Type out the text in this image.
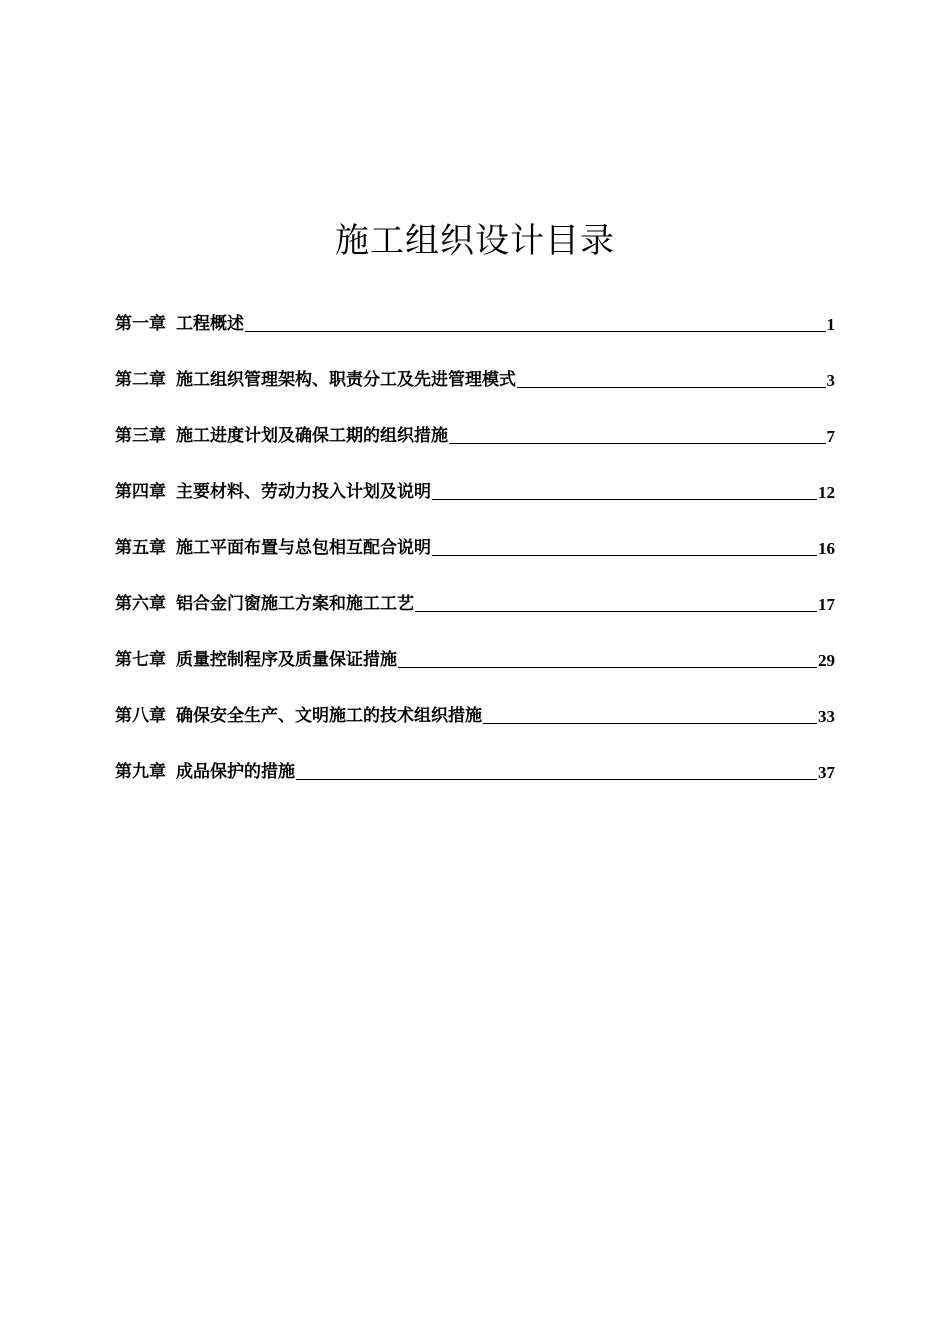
施工组织设计目录
第一章 工程概述	1
第二章 施工组织管理架构、职责分工及先进管理模式	3
第三章 施工进度计划及确保工期的组织措施	7
第四章 主要材料、劳动力投入计划及说明	12
第五章 施工平面布置与总包相互配合说明	16
第六章 铝合金门窗施工方案和施工工艺	17
第七章 质量控制程序及质量保证措施	29
第八章 确保安全生产、文明施工的技术组织措施	33
第九章 成品保护的措施	37
